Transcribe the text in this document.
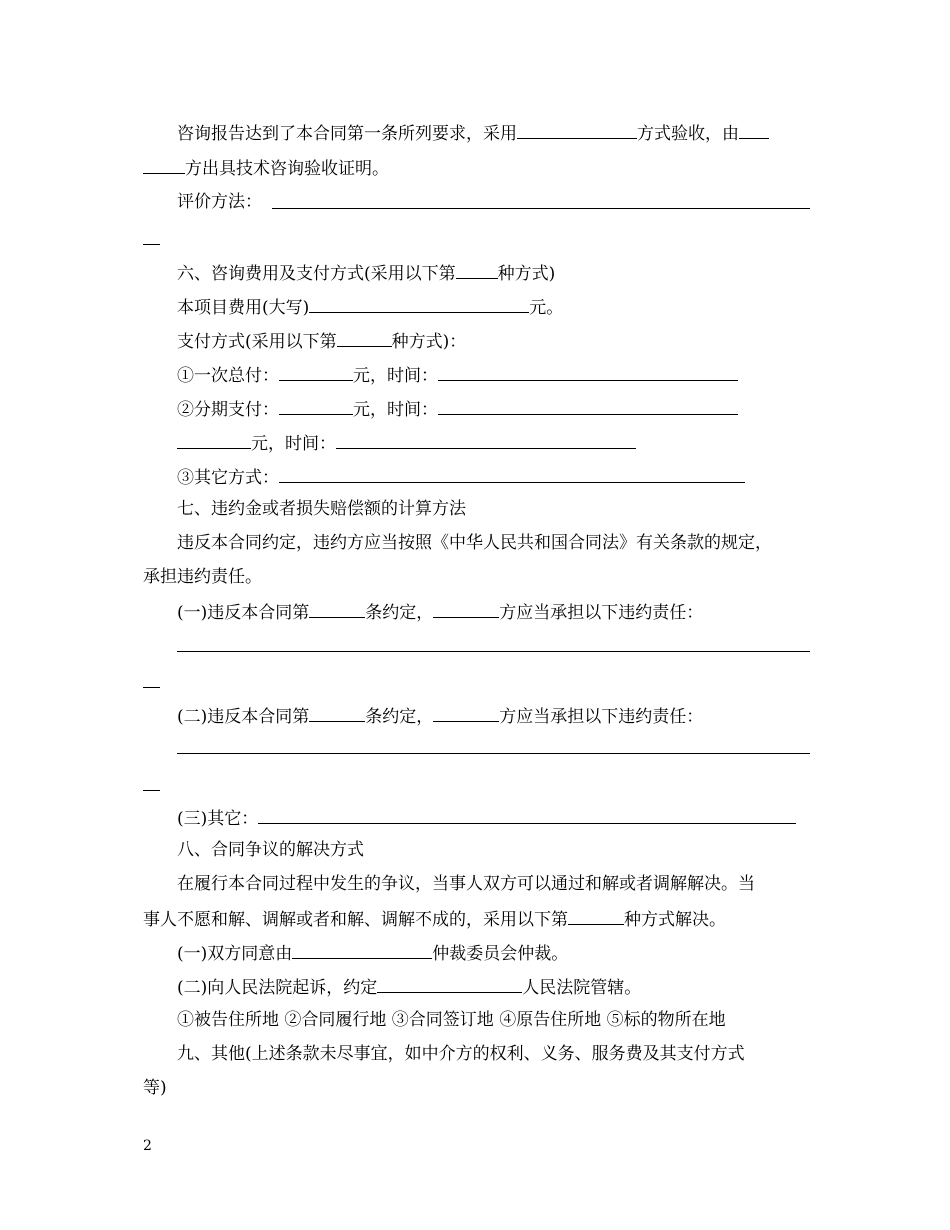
咨询报告达到了本合同第一条所列要求，采用	方式验收，由
方出具技术咨询验收证明。
评价方法：
六、咨询费用及支付方式(采用以下第 种方式)
本项目费用(大写)	元。
支付方式(采用以下第	种方式)：
①一次总付：	元，时间：
②分期支付：	元，时间：
元，时间：
③其它方式：
七、违约金或者损失赔偿额的计算方法
违反本合同约定，违约方应当按照《中华人民共和国合同法》有关条款的规定，
承担违约责任。
(一)违反本合同第	条约定，	方应当承担以下违约责任：
(二)违反本合同第	条约定，	方应当承担以下违约责任：
(三)其它：
八、合同争议的解决方式
在履行本合同过程中发生的争议，当事人双方可以通过和解或者调解解决。当
事人不愿和解、调解或者和解、调解不成的，采用以下第	种方式解决。
(一)双方同意由	仲裁委员会仲裁。
(二)向人民法院起诉，约定	人民法院管辖。
①被告住所地 ②合同履行地 ③合同签订地 ④原告住所地 ⑤标的物所在地
九、其他(上述条款未尽事宜，如中介方的权利、义务、服务费及其支付方式
等)
2
